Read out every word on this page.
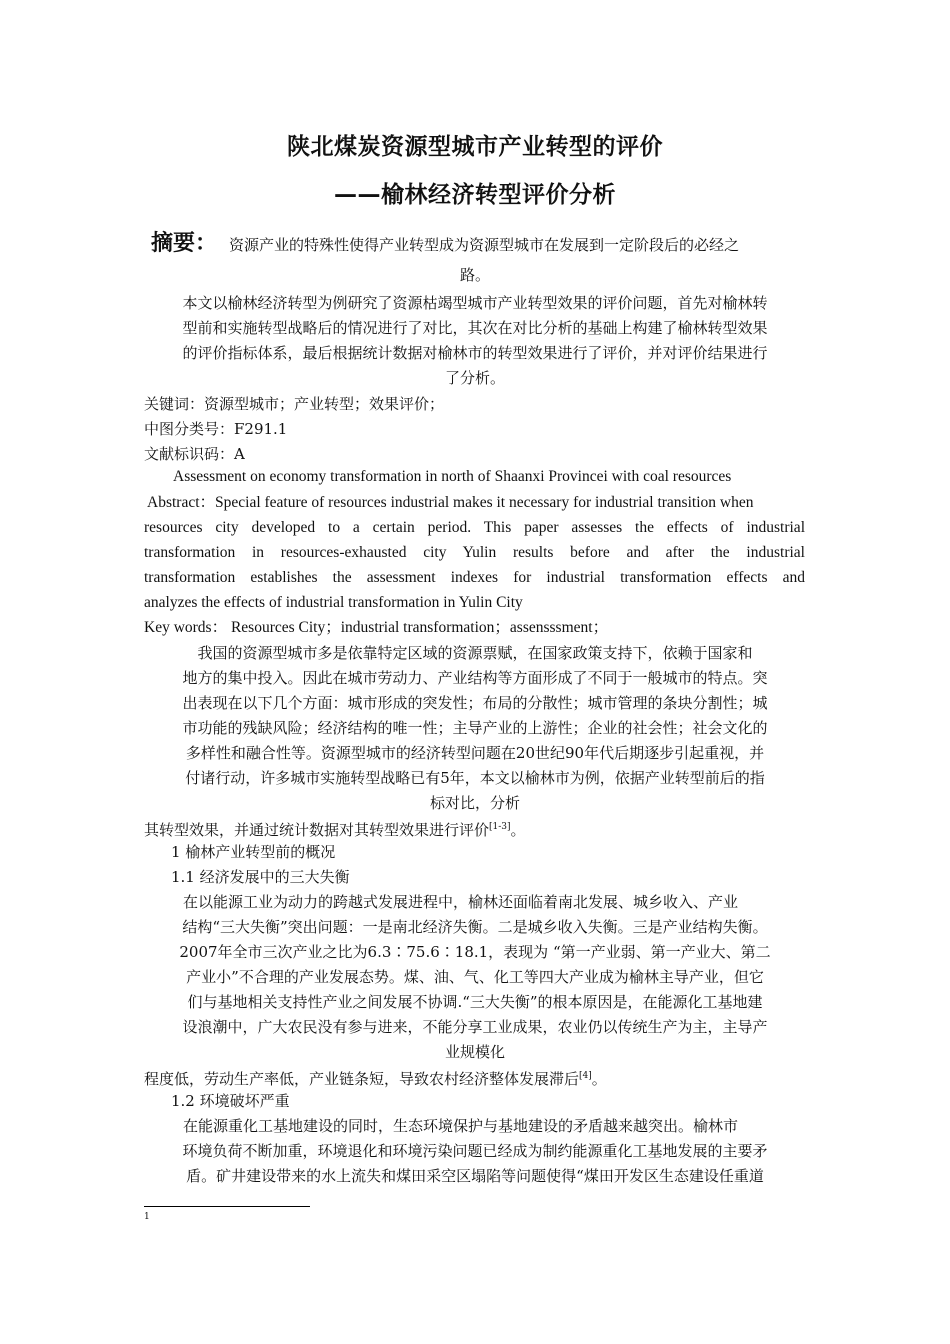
陕北煤炭资源型城市产业转型的评价
——榆林经济转型评价分析
摘要： 资源产业的特殊性使得产业转型成为资源型城市在发展到一定阶段后的必经之
路。
本文以榆林经济转型为例研究了资源枯竭型城市产业转型效果的评价问题，首先对榆林转
型前和实施转型战略后的情况进行了对比，其次在对比分析的基础上构建了榆林转型效果
的评价指标体系，最后根据统计数据对榆林市的转型效果进行了评价，并对评价结果进行
了分析。
关键词：资源型城市；产业转型；效果评价；
中图分类号：F291.1
文献标识码：A
Assessment on economy transformation in north of Shaanxi Provincei with coal resources
Abstract：Special feature of resources industrial makes it necessary for industrial transition when
resources city developed to a certain period. This paper assesses the effects of industrial
transformation in resources-exhausted city Yulin results before and after the industrial
transformation establishes the assessment indexes for industrial transformation effects and
analyzes the effects of industrial transformation in Yulin City
Key words： Resources City；industrial transformation；assensssment；
我国的资源型城市多是依靠特定区域的资源票赋，在国家政策支持下，依赖于国家和
地方的集中投入。因此在城市劳动力、产业结构等方面形成了不同于一般城市的特点。突
出表现在以下几个方面：城市形成的突发性；布局的分散性；城市管理的条块分割性；城
市功能的残缺风险；经济结构的唯一性；主导产业的上游性；企业的社会性；社会文化的
多样性和融合性等。资源型城市的经济转型问题在20世纪90年代后期逐步引起重视，并
付诸行动，许多城市实施转型战略已有5年，本文以榆林市为例，依据产业转型前后的指
标对比，分析
其转型效果，并通过统计数据对其转型效果进行评价[1-3]。
1 榆林产业转型前的概况
1.1 经济发展中的三大失衡
在以能源工业为动力的跨越式发展进程中，榆林还面临着南北发展、城乡收入、产业
结构“三大失衡”突出问题：一是南北经济失衡。二是城乡收入失衡。三是产业结构失衡。
2007年全市三次产业之比为6.3∶75.6∶18.1，表现为 “第一产业弱、第一产业大、第二
产业小”不合理的产业发展态势。煤、油、气、化工等四大产业成为榆林主导产业，但它
们与基地相关支持性产业之间发展不协调.“三大失衡”的根本原因是，在能源化工基地建
设浪潮中，广大农民没有参与进来，不能分享工业成果，农业仍以传统生产为主，主导产
业规模化
程度低，劳动生产率低，产业链条短，导致农村经济整体发展滞后[4]。
1.2 环境破坏严重
在能源重化工基地建设的同时，生态环境保护与基地建设的矛盾越来越突出。榆林市
环境负荷不断加重，环境退化和环境污染问题已经成为制约能源重化工基地发展的主要矛
盾。矿井建设带来的水上流失和煤田采空区塌陷等问题使得“煤田开发区生态建设任重道
1
